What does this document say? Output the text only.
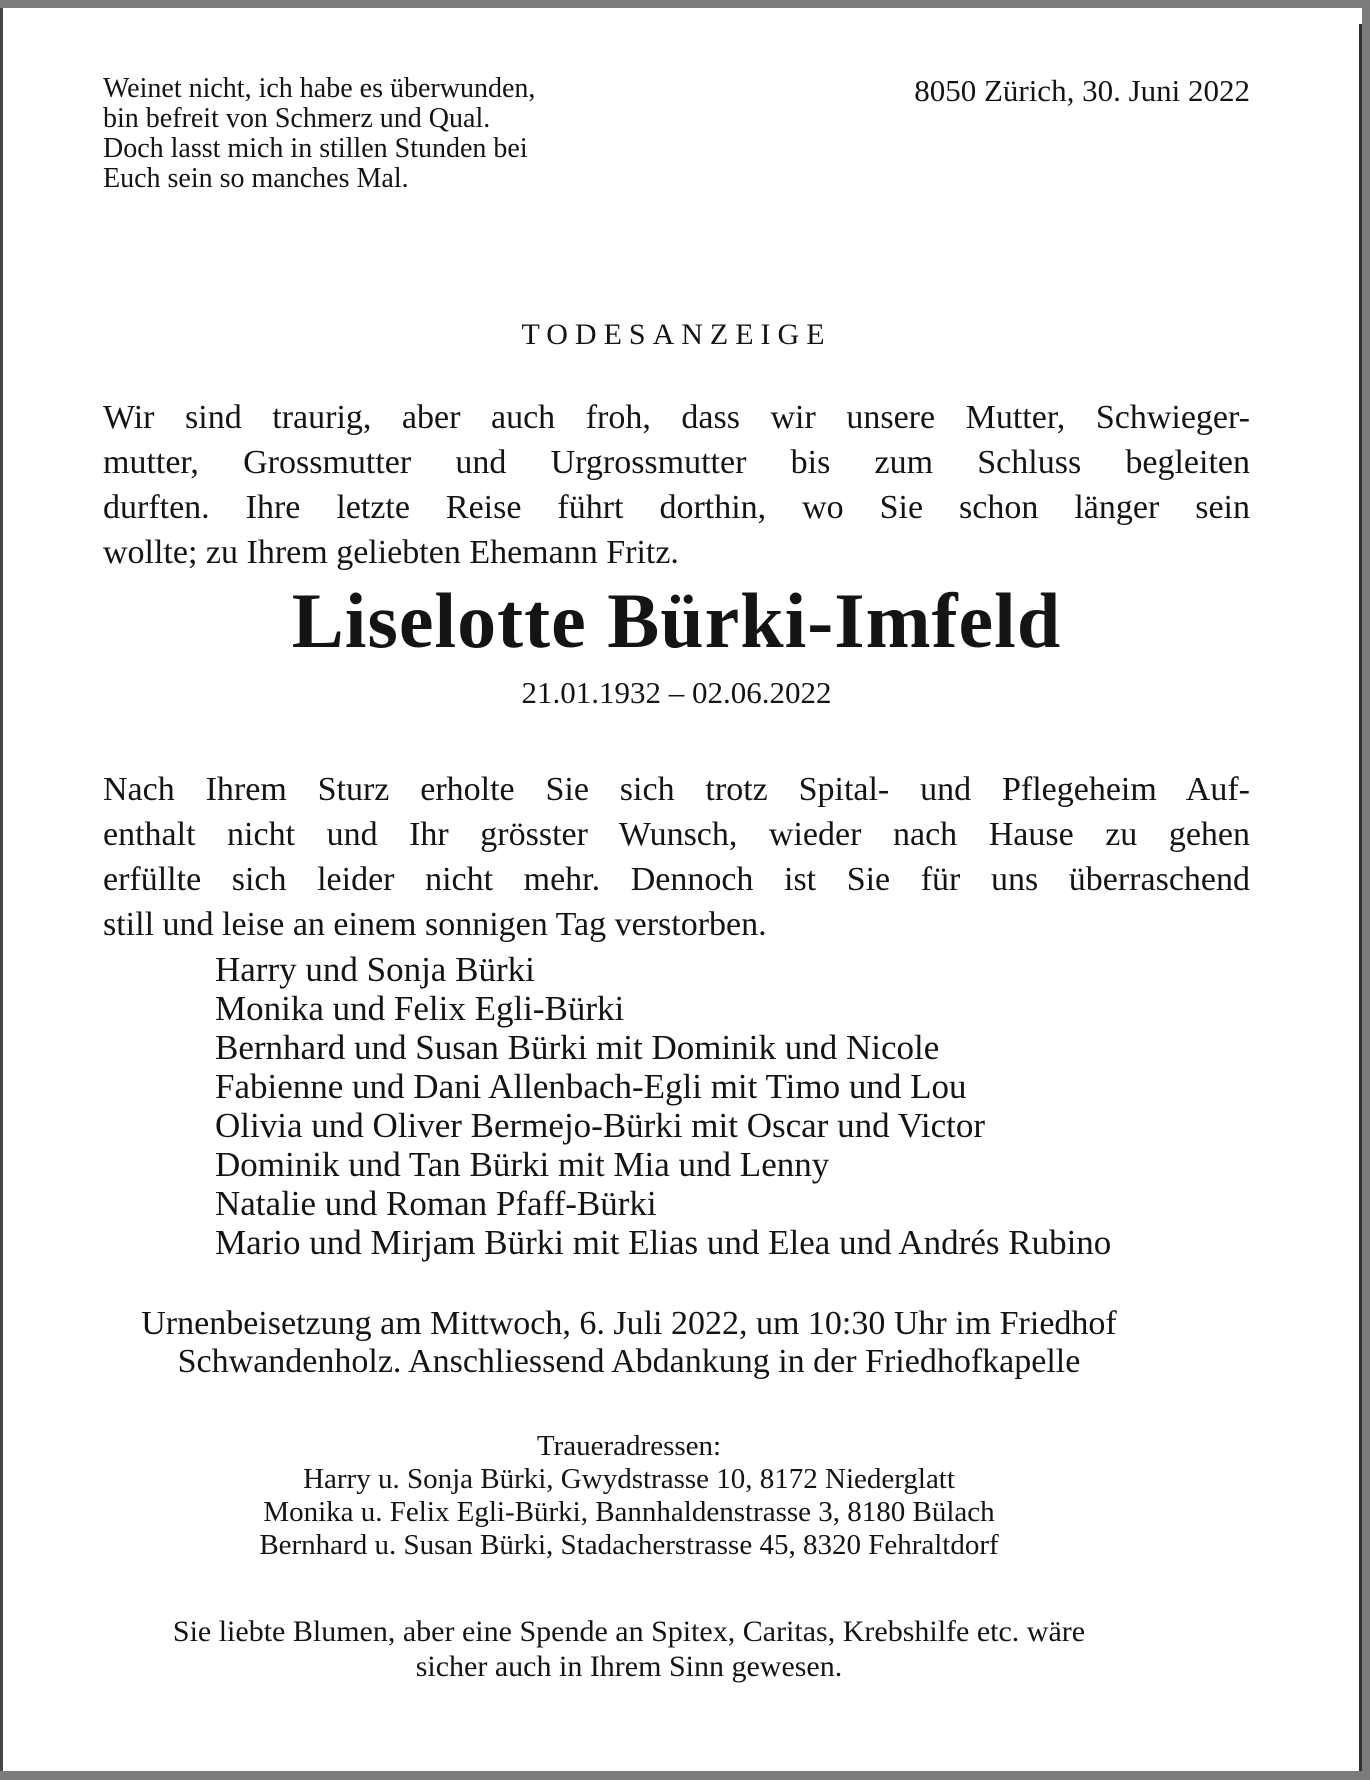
Weinet nicht, ich habe es überwunden,
bin befreit von Schmerz und Qual.
Doch lasst mich in stillen Stunden bei
Euch sein so manches Mal.
8050 Zürich, 30. Juni 2022
TODESANZEIGE
Wir sind traurig, aber auch froh, dass wir unsere Mutter, Schwieger-
mutter, Grossmutter und Urgrossmutter bis zum Schluss begleiten
durften. Ihre letzte Reise führt dorthin, wo Sie schon länger sein
wollte; zu Ihrem geliebten Ehemann Fritz.
Liselotte Bürki-Imfeld
21.01.1932 – 02.06.2022
Nach Ihrem Sturz erholte Sie sich trotz Spital- und Pflegeheim Auf-
enthalt nicht und Ihr grösster Wunsch, wieder nach Hause zu gehen
erfüllte sich leider nicht mehr. Dennoch ist Sie für uns überraschend
still und leise an einem sonnigen Tag verstorben.
Harry und Sonja Bürki
Monika und Felix Egli-Bürki
Bernhard und Susan Bürki mit Dominik und Nicole
Fabienne und Dani Allenbach-Egli mit Timo und Lou
Olivia und Oliver Bermejo-Bürki mit Oscar und Victor
Dominik und Tan Bürki mit Mia und Lenny
Natalie und Roman Pfaff-Bürki
Mario und Mirjam Bürki mit Elias und Elea und Andrés Rubino
Urnenbeisetzung am Mittwoch, 6. Juli 2022, um 10:30 Uhr im Friedhof
Schwandenholz. Anschliessend Abdankung in der Friedhofkapelle
Traueradressen:
Harry u. Sonja Bürki, Gwydstrasse 10, 8172 Niederglatt
Monika u. Felix Egli-Bürki, Bannhaldenstrasse 3, 8180 Bülach
Bernhard u. Susan Bürki, Stadacherstrasse 45, 8320 Fehraltdorf
Sie liebte Blumen, aber eine Spende an Spitex, Caritas, Krebshilfe etc. wäre
sicher auch in Ihrem Sinn gewesen.
